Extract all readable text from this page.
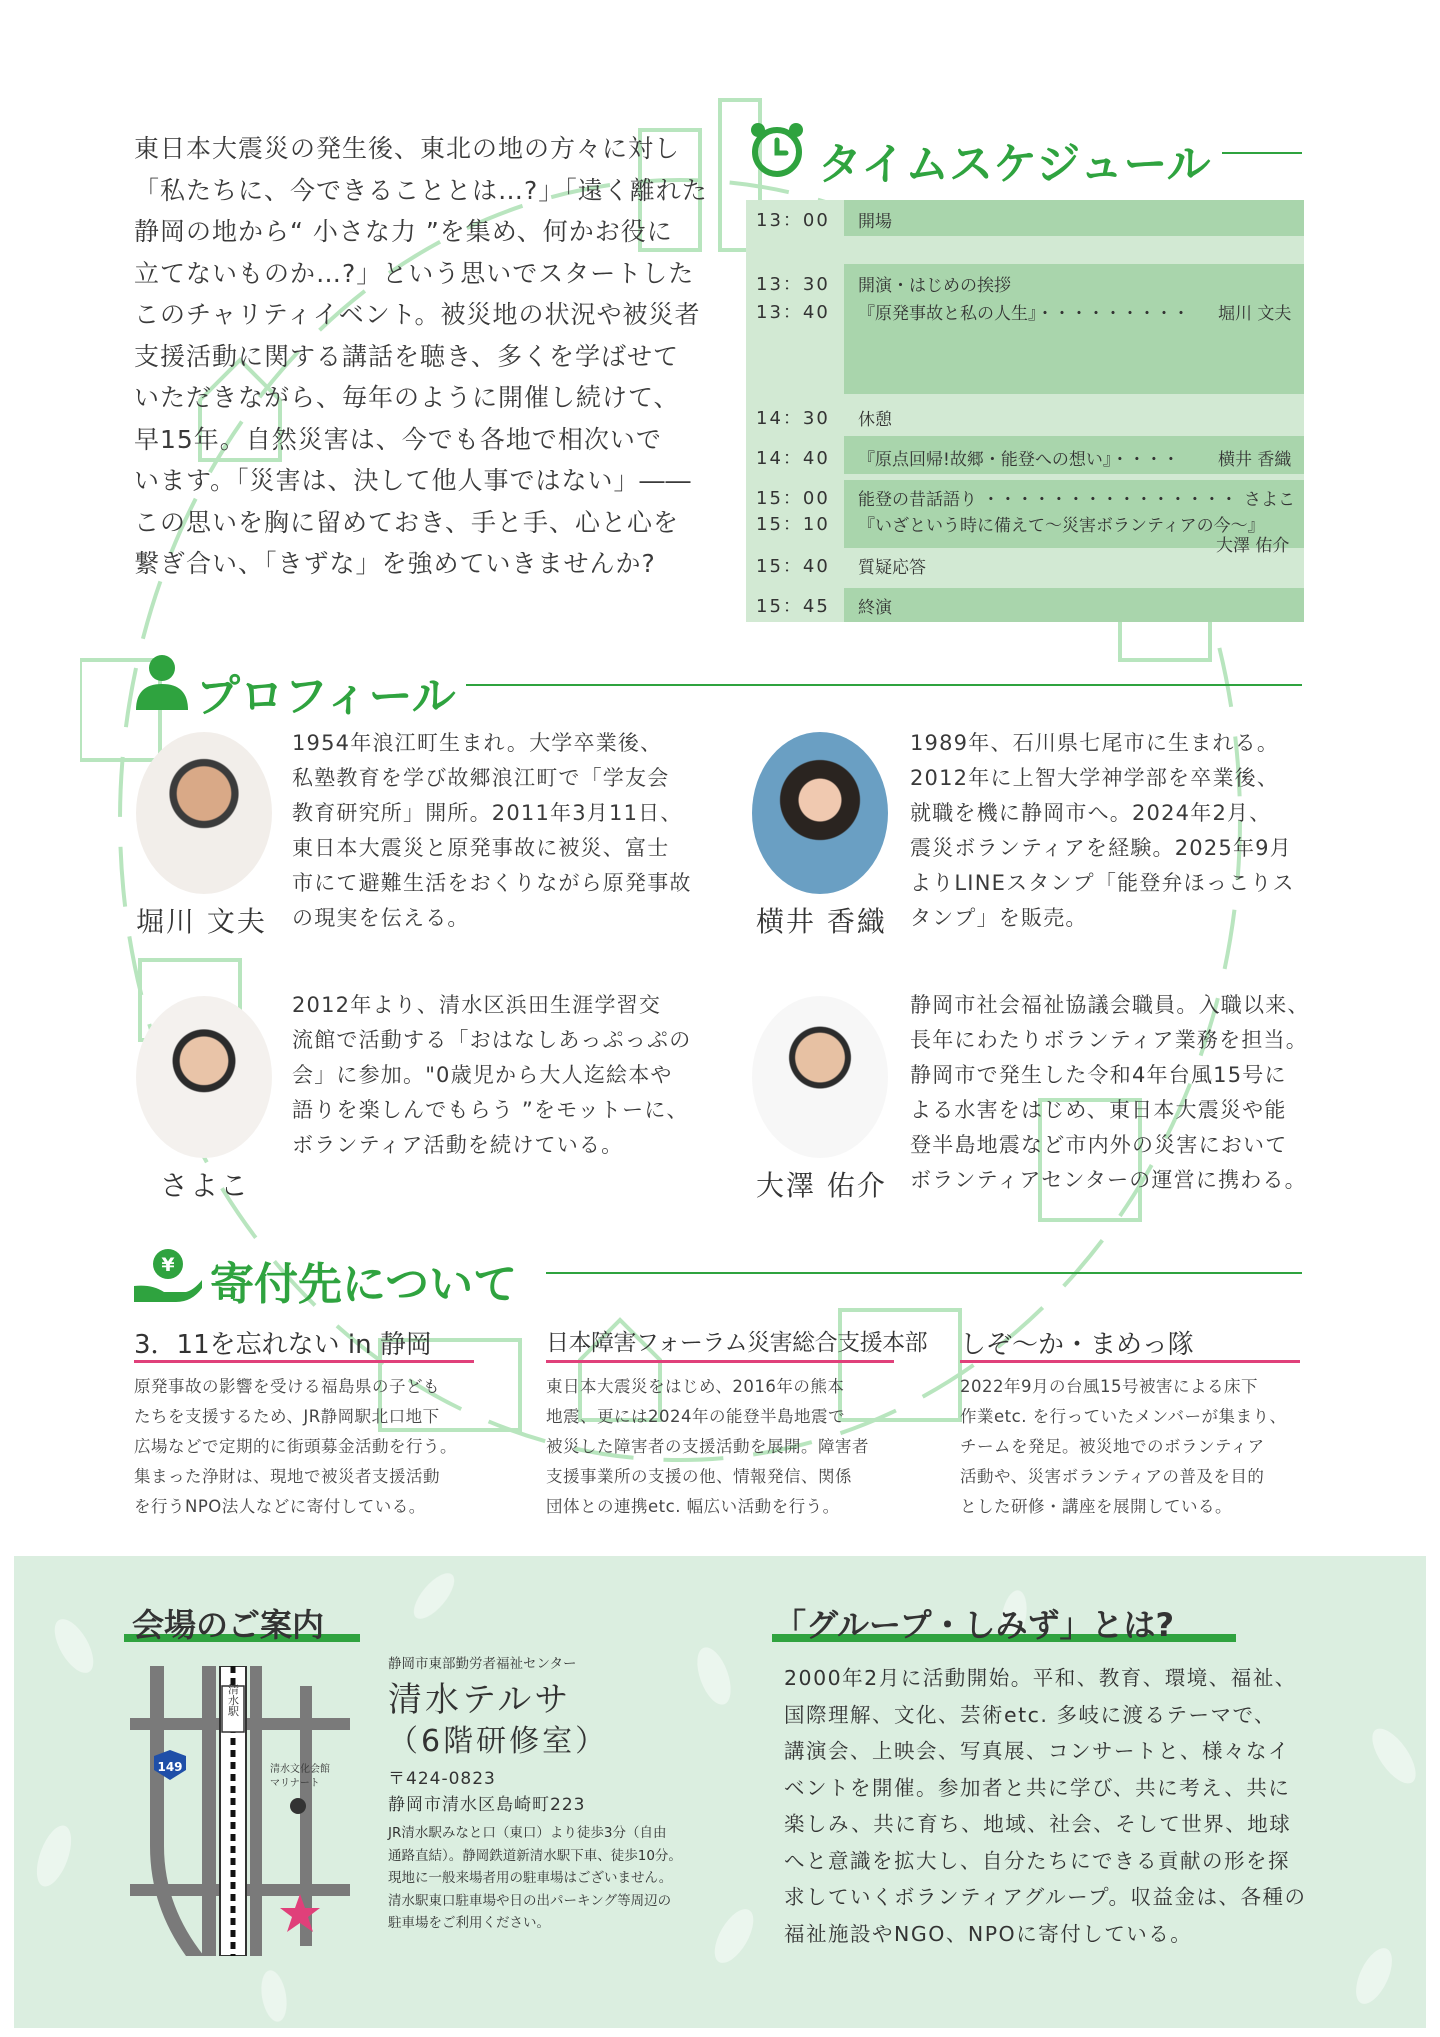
東日本大震災の発生後、東北の地の方々に対し
「私たちに、今できることとは…?」「遠く離れた
静岡の地から“ 小さな力 ”を集め、何かお役に
立てないものか…?」という思いでスタートした
このチャリティイベント。被災地の状況や被災者
支援活動に関する講話を聴き、多くを学ばせて
いただきながら、毎年のように開催し続けて、
早15年。自然災害は、今でも各地で相次いで
います。「災害は、決して他人事ではない」――
この思いを胸に留めておき、手と手、心と心を
繋ぎ合い、「きずな」を強めていきませんか?
タイムスケジュール
13：00 開場
13：30 開演・はじめの挨拶
13：40 『原発事故と私の人生』・・・・・・・・・ 堀川 文夫
14：30 休憩
14：40 『原点回帰!故郷・能登への想い』・・・・ 横井 香織
15：00 能登の昔話語り ・・・・・・・・・・・・・・・ さよこ
15：10 『いざという時に備えて～災害ボランティアの今～』
大澤 佑介
15：40 質疑応答
15：45 終演
プロフィール
堀川 文夫
1954年浪江町生まれ。大学卒業後、
私塾教育を学び故郷浪江町で「学友会
教育研究所」開所。2011年3月11日、
東日本大震災と原発事故に被災、富士
市にて避難生活をおくりながら原発事故
の現実を伝える。	横井 香織
1989年、石川県七尾市に生まれる。
2012年に上智大学神学部を卒業後、
就職を機に静岡市へ。2024年2月、
震災ボランティアを経験。2025年9月
よりLINEスタンプ「能登弁ほっこりス
タンプ」を販売。
さよこ
2012年より、清水区浜田生涯学習交
流館で活動する「おはなしあっぷっぷの
会」に参加。"0歳児から大人迄絵本や
語りを楽しんでもらう ”をモットーに、
ボランティア活動を続けている。
大澤 佑介
静岡市社会福祉協議会職員。入職以来、
長年にわたりボランティア業務を担当。
静岡市で発生した令和4年台風15号に
よる水害をはじめ、東日本大震災や能
登半島地震など市内外の災害において
ボランティアセンターの運営に携わる。
¥ 寄付先について
3．11を忘れない in 静岡
原発事故の影響を受ける福島県の子ども
たちを支援するため、JR静岡駅北口地下
広場などで定期的に街頭募金活動を行う。
集まった浄財は、現地で被災者支援活動
を行うNPO法人などに寄付している。
日本障害フォーラム災害総合支援本部
東日本大震災をはじめ、2016年の熊本
地震、更には2024年の能登半島地震で
被災した障害者の支援活動を展開。障害者
支援事業所の支援の他、情報発信、関係
団体との連携etc. 幅広い活動を行う。
しぞ～か・まめっ隊
2022年9月の台風15号被害による床下
作業etc. を行っていたメンバーが集まり、
チームを発足。被災地でのボランティア
活動や、災害ボランティアの普及を目的
とした研修・講座を展開している。
会場のご案内
清水駅
149	清水文化会館
マリナート
静岡市東部勤労者福祉センター
清水テルサ
（6階研修室）
〒424-0823
静岡市清水区島崎町223
JR清水駅みなと口（東口）より徒歩3分（自由
通路直結）。静岡鉄道新清水駅下車、徒歩10分。
現地に一般来場者用の駐車場はございません。
清水駅東口駐車場や日の出パーキング等周辺の
駐車場をご利用ください。
「グループ・しみず」とは?
2000年2月に活動開始。平和、教育、環境、福祉、
国際理解、文化、芸術etc. 多岐に渡るテーマで、
講演会、上映会、写真展、コンサートと、様々なイ
ベントを開催。参加者と共に学び、共に考え、共に
楽しみ、共に育ち、地域、社会、そして世界、地球
へと意識を拡大し、自分たちにできる貢献の形を探
求していくボランティアグループ。収益金は、各種の
福祉施設やNGO、NPOに寄付している。
